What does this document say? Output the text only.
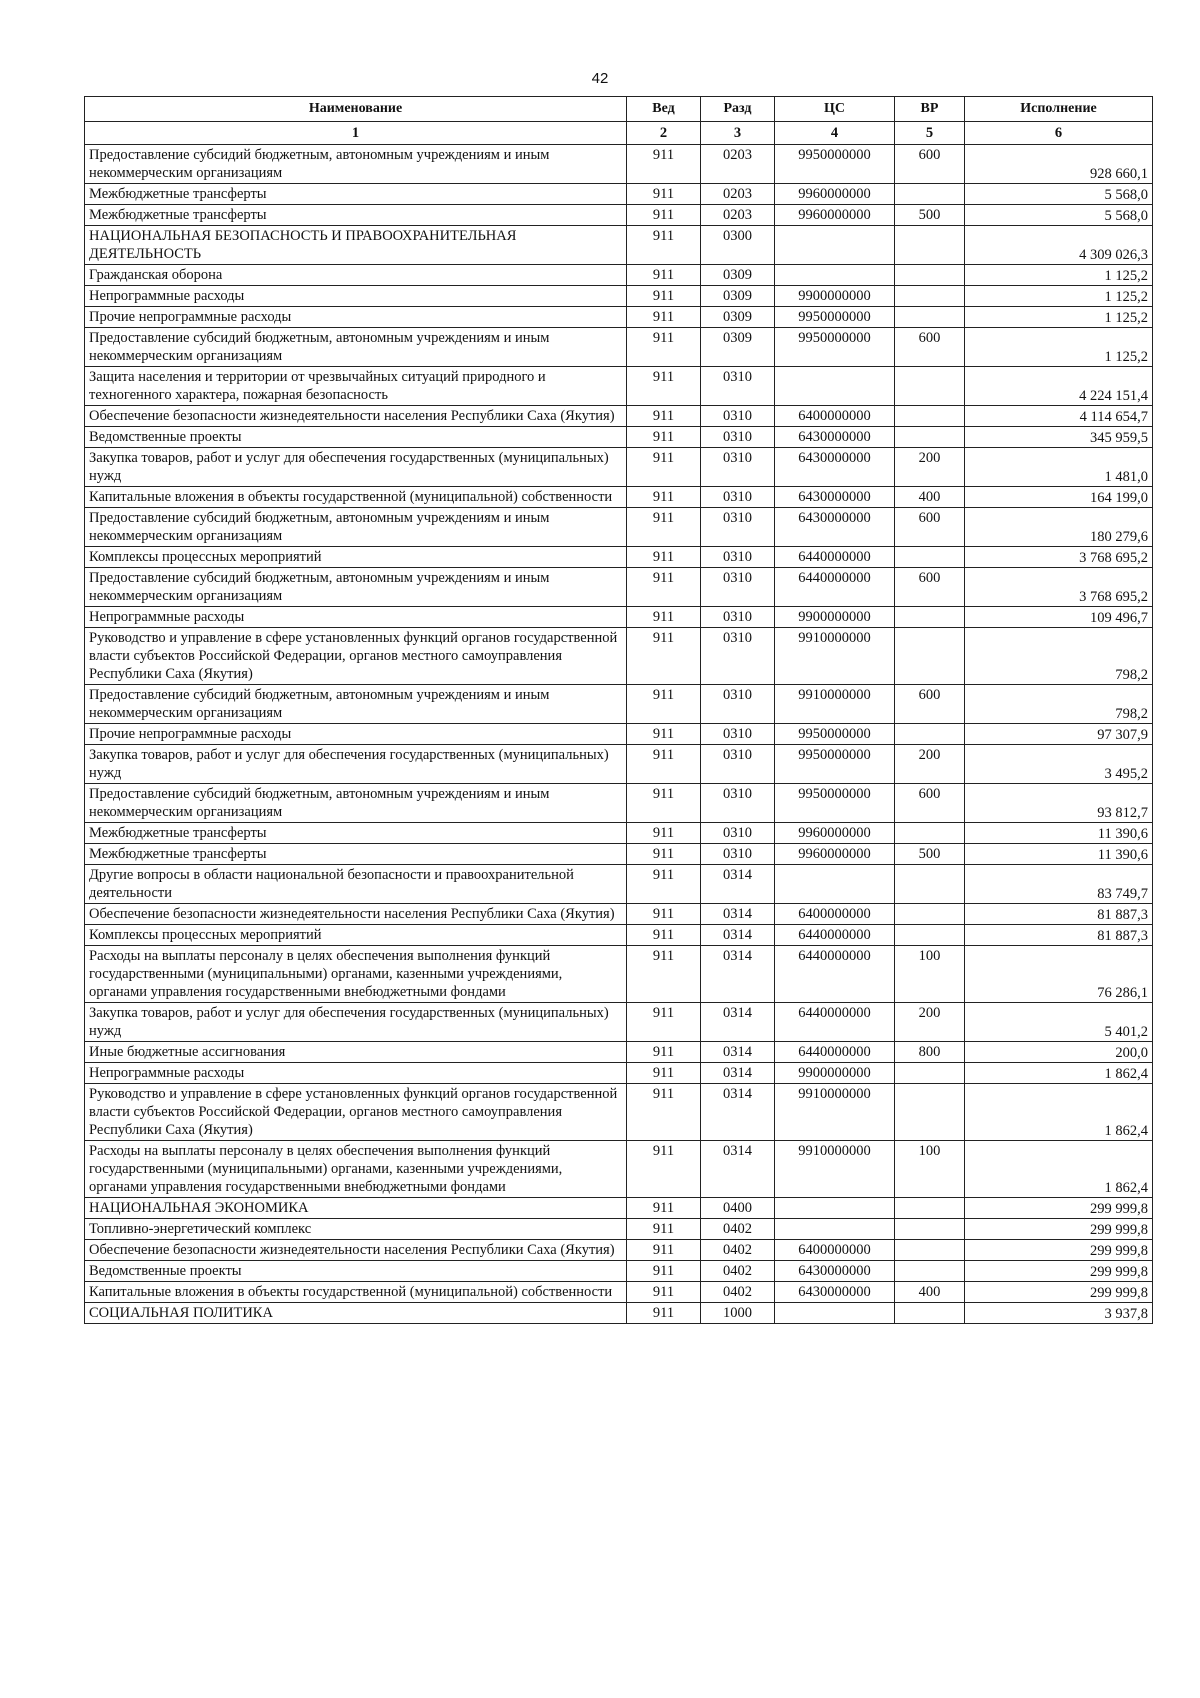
42
Наименование	Вед	Разд	ЦС	ВР	Исполнение
1	2	3	4	5	6
Предоставление субсидий бюджетным, автономным учреждениям и иным некоммерческим организациям	911	0203	9950000000	600	928 660,1
Межбюджетные трансферты	911	0203	9960000000		5 568,0
Межбюджетные трансферты	911	0203	9960000000	500	5 568,0
НАЦИОНАЛЬНАЯ БЕЗОПАСНОСТЬ И ПРАВООХРАНИТЕЛЬНАЯ ДЕЯТЕЛЬНОСТЬ	911	0300			4 309 026,3
Гражданская оборона	911	0309			1 125,2
Непрограммные расходы	911	0309	9900000000		1 125,2
Прочие непрограммные расходы	911	0309	9950000000		1 125,2
Предоставление субсидий бюджетным, автономным учреждениям и иным некоммерческим организациям	911	0309	9950000000	600	1 125,2
Защита населения и территории от чрезвычайных ситуаций природного и техногенного характера, пожарная безопасность	911	0310			4 224 151,4
Обеспечение безопасности жизнедеятельности населения Республики Саха (Якутия)	911	0310	6400000000		4 114 654,7
Ведомственные проекты	911	0310	6430000000		345 959,5
Закупка товаров, работ и услуг для обеспечения государственных (муниципальных) нужд	911	0310	6430000000	200	1 481,0
Капитальные вложения в объекты государственной (муниципальной) собственности	911	0310	6430000000	400	164 199,0
Предоставление субсидий бюджетным, автономным учреждениям и иным некоммерческим организациям	911	0310	6430000000	600	180 279,6
Комплексы процессных мероприятий	911	0310	6440000000		3 768 695,2
Предоставление субсидий бюджетным, автономным учреждениям и иным некоммерческим организациям	911	0310	6440000000	600	3 768 695,2
Непрограммные расходы	911	0310	9900000000		109 496,7
Руководство и управление в сфере установленных функций органов государственной власти субъектов Российской Федерации, органов местного самоуправления Республики Саха (Якутия)	911	0310	9910000000		798,2
Предоставление субсидий бюджетным, автономным учреждениям и иным некоммерческим организациям	911	0310	9910000000	600	798,2
Прочие непрограммные расходы	911	0310	9950000000		97 307,9
Закупка товаров, работ и услуг для обеспечения государственных (муниципальных) нужд	911	0310	9950000000	200	3 495,2
Предоставление субсидий бюджетным, автономным учреждениям и иным некоммерческим организациям	911	0310	9950000000	600	93 812,7
Межбюджетные трансферты	911	0310	9960000000		11 390,6
Межбюджетные трансферты	911	0310	9960000000	500	11 390,6
Другие вопросы в области национальной безопасности и правоохранительной деятельности	911	0314			83 749,7
Обеспечение безопасности жизнедеятельности населения Республики Саха (Якутия)	911	0314	6400000000		81 887,3
Комплексы процессных мероприятий	911	0314	6440000000		81 887,3
Расходы на выплаты персоналу в целях обеспечения выполнения функций государственными (муниципальными) органами, казенными учреждениями, органами управления государственными внебюджетными фондами	911	0314	6440000000	100	76 286,1
Закупка товаров, работ и услуг для обеспечения государственных (муниципальных) нужд	911	0314	6440000000	200	5 401,2
Иные бюджетные ассигнования	911	0314	6440000000	800	200,0
Непрограммные расходы	911	0314	9900000000		1 862,4
Руководство и управление в сфере установленных функций органов государственной власти субъектов Российской Федерации, органов местного самоуправления Республики Саха (Якутия)	911	0314	9910000000		1 862,4
Расходы на выплаты персоналу в целях обеспечения выполнения функций государственными (муниципальными) органами, казенными учреждениями, органами управления государственными внебюджетными фондами	911	0314	9910000000	100	1 862,4
НАЦИОНАЛЬНАЯ ЭКОНОМИКА	911	0400			299 999,8
Топливно-энергетический комплекс	911	0402			299 999,8
Обеспечение безопасности жизнедеятельности населения Республики Саха (Якутия)	911	0402	6400000000		299 999,8
Ведомственные проекты	911	0402	6430000000		299 999,8
Капитальные вложения в объекты государственной (муниципальной) собственности	911	0402	6430000000	400	299 999,8
СОЦИАЛЬНАЯ ПОЛИТИКА	911	1000			3 937,8
